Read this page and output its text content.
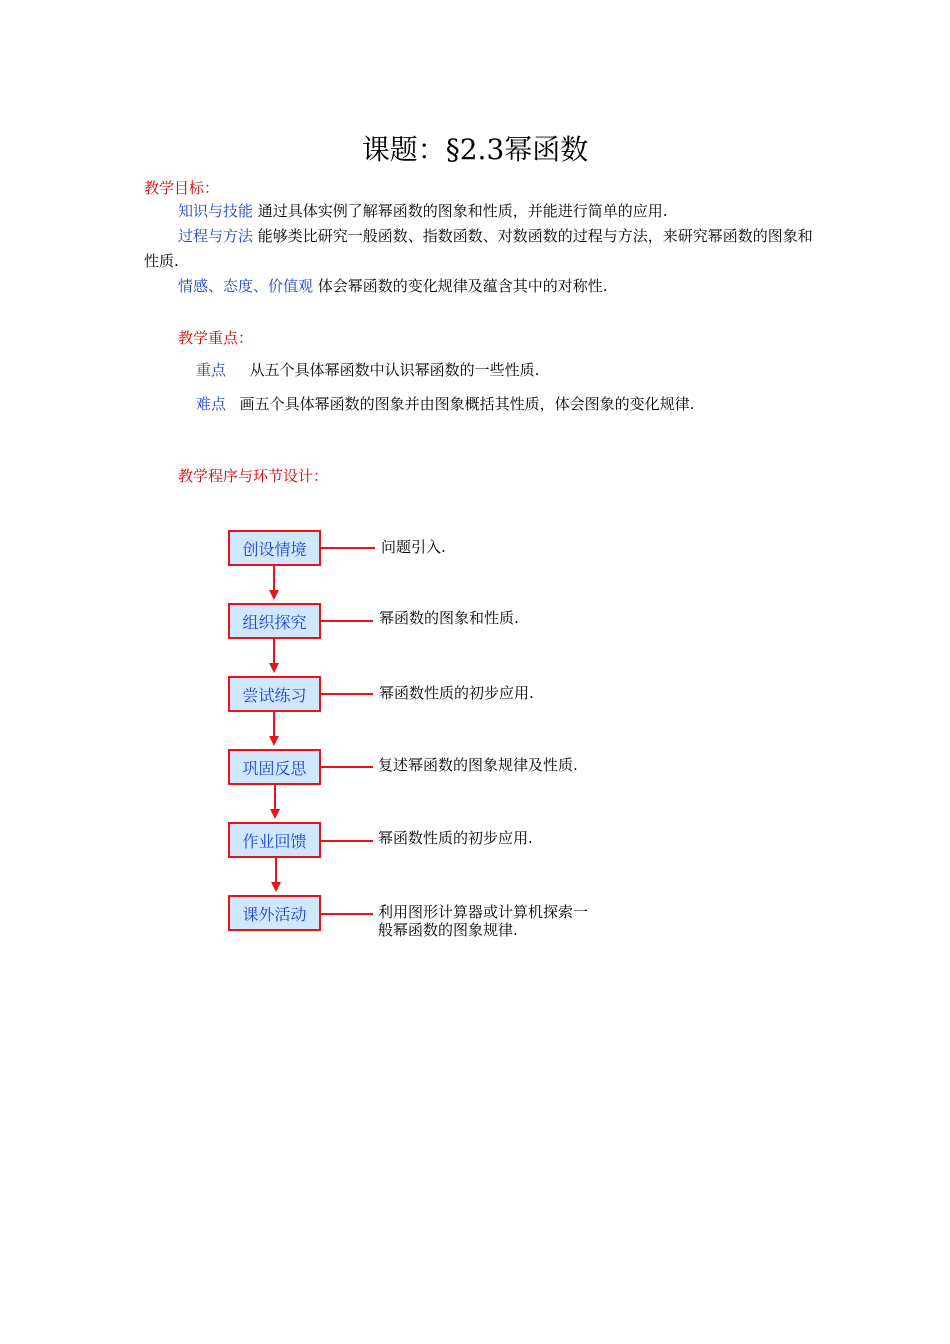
课题：§2.3幂函数
教学目标：
知识与技能 通过具体实例了解幂函数的图象和性质，并能进行简单的应用.
过程与方法 能够类比研究一般函数、指数函数、对数函数的过程与方法，来研究幂函数的图象和性质.
情感、态度、价值观 体会幂函数的变化规律及蕴含其中的对称性.
教学重点：
重点 从五个具体幂函数中认识幂函数的一些性质.
难点 画五个具体幂函数的图象并由图象概括其性质，体会图象的变化规律.
教学程序与环节设计：
创设情境	问题引入.
组织探究	幂函数的图象和性质.
尝试练习	幂函数性质的初步应用.
巩固反思	复述幂函数的图象规律及性质.
作业回馈	幂函数性质的初步应用.
课外活动	利用图形计算器或计算机探索一
般幂函数的图象规律.
